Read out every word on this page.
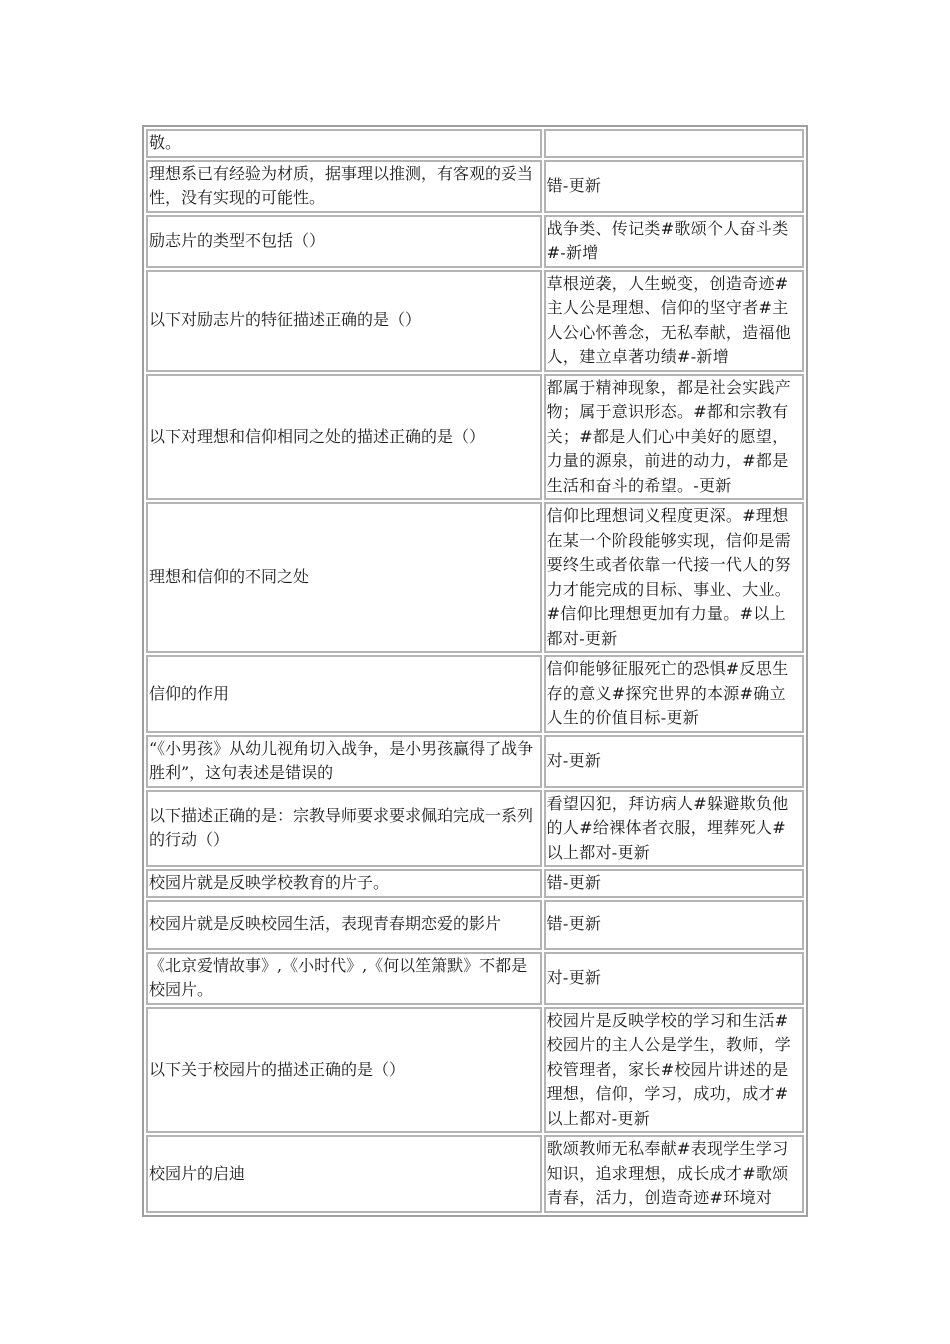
敬。	
理想系已有经验为材质，据事理以推测，有客观的妥当性，没有实现的可能性。	错-更新
励志片的类型不包括（）	战争类、传记类#歌颂个人奋斗类#-新增
以下对励志片的特征描述正确的是（）	草根逆袭，人生蜕变，创造奇迹#主人公是理想、信仰的坚守者#主人公心怀善念，无私奉献，造福他人，建立卓著功绩#-新增
以下对理想和信仰相同之处的描述正确的是（）	都属于精神现象，都是社会实践产物；属于意识形态。#都和宗教有关；#都是人们心中美好的愿望，力量的源泉，前进的动力，#都是生活和奋斗的希望。-更新
理想和信仰的不同之处	信仰比理想词义程度更深。#理想在某一个阶段能够实现，信仰是需要终生或者依靠一代接一代人的努力才能完成的目标、事业、大业。#信仰比理想更加有力量。#以上都对-更新
信仰的作用	信仰能够征服死亡的恐惧#反思生存的意义#探究世界的本源#确立人生的价值目标-更新
“《小男孩》从幼儿视角切入战争，是小男孩赢得了战争胜利”，这句表述是错误的	对-更新
以下描述正确的是：宗教导师要求要求佩珀完成一系列的行动（）	看望囚犯，拜访病人#躲避欺负他的人#给裸体者衣服，埋葬死人#以上都对-更新
校园片就是反映学校教育的片子。	错-更新
校园片就是反映校园生活，表现青春期恋爱的影片	错-更新
《北京爱情故事》,《小时代》,《何以笙箫默》不都是校园片。	对-更新
以下关于校园片的描述正确的是（）	校园片是反映学校的学习和生活#校园片的主人公是学生，教师，学校管理者，家长#校园片讲述的是理想，信仰，学习，成功，成才#以上都对-更新
校园片的启迪	歌颂教师无私奉献#表现学生学习知识，追求理想，成长成才#歌颂青春，活力，创造奇迹#环境对
